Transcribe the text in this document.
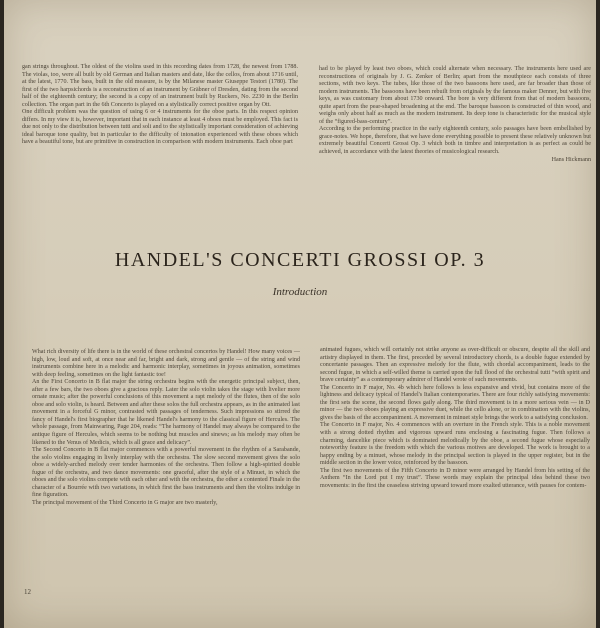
gan strings throughout. The oldest of the violins used in this recording dates from 1728, the newest from 1788. The violas, too, were all built by old German and Italian masters and date, like the cellos, from about 1716 until, at the latest, 1770. The bass, built in the old measure, is by the Milanese master Giuseppe Testori (1780). The first of the two harpsichords is a reconstruction of an instrument by Gräbner of Dresden, dating from the second half of the eighteenth century; the second is a copy of an instrument built by Ruckers, No. 2230 in the Berlin collection. The organ part in the 6th Concerto is played on a stylistically correct positive organ by Ott.

One difficult problem was the question of using 6 or 4 instruments for the oboe parts. In this respect opinion differs. In my view it is, however, important that in each instance at least 4 oboes must be employed. This fact is due not only to the distribution between tutti and soli and to the stylistically important consideration of achieving ideal baroque tone quality, but in particular to the difficulty of intonation experienced with these oboes which have a beautiful tone, but are primitive in construction in comparison with modern instruments. Each oboe part

had to be played by least two oboes, which could alternate when necessary. The instruments here used are reconstructions of originals by J. G. Zenker of Berlin; apart from the mouthpiece each consists of three sections, with two keys. The tubes, like those of the two bassoons here used, are far broader than those of modern instruments. The bassoons have been rebuilt from originals by the famous maker Denner, but with five keys, as was customary from about 1730 onward. The bore is very different from that of modern bassoons, quite apart from the pear-shaped broadening at the end. The baroque bassoon is constructed of thin wood, and weighs only about half as much as the modern instrument. Its deep tone is characteristic for the musical style of the “figured-bass-century”.

According to the performing practice in the early eighteenth century, solo passages have been embellished by grace-notes. We hope, therefore, that we have done everything possible to present these relatively unknown but extremely beautiful Concerti Grossi Op. 3 which both in timbre and interpretation is as perfect as could be achieved, in accordance with the latest theories of musicological research.

Hans Hickmann

HANDEL'S CONCERTI GROSSI OP. 3
Introduction

What rich diversity of life there is in the world of these orchestral concertos by Handel! How many voices — high, low, loud and soft, at once near and far, bright and dark, strong and gentle — of the string and wind instruments combine here in a melodic and harmonic interplay, sometimes in joyous animation, sometimes with deep feeling, sometimes on the light fantastic toe!

An the First Concerto in B flat major the string orchestra begins with the energetic principal subject, then, after a few bars, the two oboes give a gracious reply. Later the solo violin takes the stage with livelier more ornate music; after the powerful conclusions of this movement a rapt melody of the flutes, then of the solo oboe and solo violin, is heard. Between and after these solos the full orchestra appears, as in the animated last movement in a forceful G minor, contrasted with passages of tenderness. Such impressions so stirred the fancy of Handel's first biographer that he likened Handel's harmony to the classical figure of Hercules. The whole passage, from Mainwaring, Page 204, reads: “The harmony of Handel may always be compared to the antique figure of Hercules, which seems to be nothing but muscles and sinews; as his melody may often be likened to the Venus of Medicis, which is all grace and delicacy”.

The Second Concerto in B flat major commences with a powerful movement in the rhythm of a Sarabande, the solo violins engaging in lively interplay with the orchestra. The slow second movement gives the solo oboe a widely-arched melody over tender harmonies of the orchestra. Then follow a high-spirited double fugue of the orchestra, and two dance movements: one graceful, after the style of a Minuet, in which the oboes and the solo violins compete with each other and with the orchestra, the other a contented Finale in the character of a Bourrée with two variations, in which first the bass instruments and then the violins indulge in fine figuration.

The principal movement of the Third Concerto in G major are two masterly,

animated fugues, which will certainly not strike anyone as over-difficult or obscure, despite all the skill and artistry displayed in them. The first, preceded by several introductory chords, is a double fugue extended by concertante passages. Then an expressive melody for the flute, with chordal accompaniment, leads to the second fugue, in which a self-willed theme is carried upon the full flood of the orchestral tutti “with spirit and brave certainty” as a contemporary admirer of Handel wrote of such movements.

The Concerto in F major, No. 4b which here follows is less expansive and vivid, but contains more of the lightness and delicacy typical of Handel's Italian contemporaries. There are four richly satisfying movements: the first sets the scene, the second flows gaily along. The third movement is in a more serious vein — in D minor — the two oboes playing an expressive duet, while the cello alone, or in combination with the violins, gives the basis of the accompaniment. A movement in minuet style brings the work to a satisfying conclusion.

The Concerto in F major, No. 4 commences with an overture in the French style. This is a noble movement with a strong dotted rhythm and vigorous upward runs enclosing a fascinating fugue. Then follows a charming, dancelike piece which is dominated melodically by the oboe, a second fugue whose especially noteworthy feature is the freedom with which the various motives are developed. The work is brought to a happy ending by a minuet, whose melody in the principal section is played in the upper register, but in the middle section in the lower voice, reinforced by the bassoon.

The first two movements of the Fifth Concerto in D minor were arranged by Handel from his setting of the Anthem “In the Lord put I my trust”. These words may explain the principal idea behind these two movements: in the first the ceaseless striving upward toward more exalted utterance, with pauses for contem-

12
